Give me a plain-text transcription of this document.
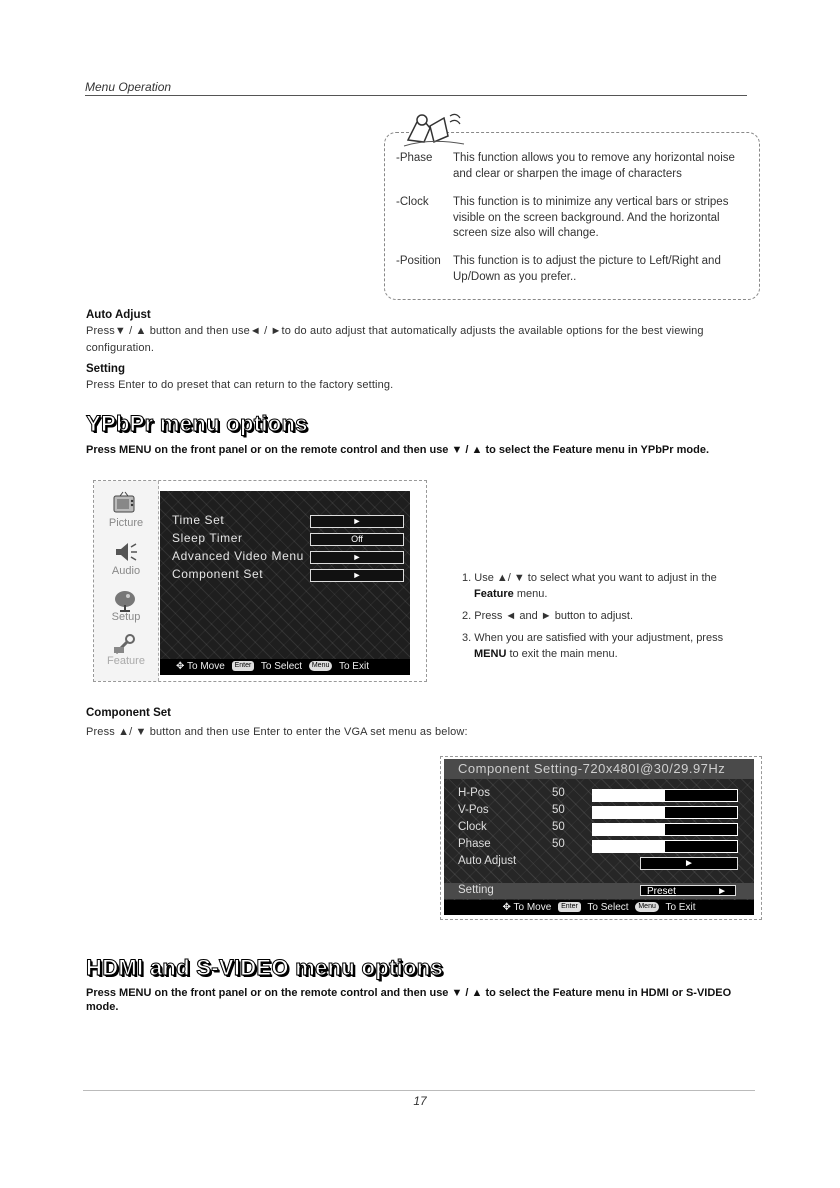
Menu Operation
-Phase	This function allows you to remove any horizontal noise and clear or sharpen the image of characters
-Clock	This function is to minimize any vertical bars or stripes visible on the screen background. And the horizontal screen size also will change.
-Position	This function is to adjust the picture to Left/Right and Up/Down as you prefer..
Auto Adjust
Press▼ / ▲ button and then use◄ / ►to do auto adjust that automatically adjusts the available options for the best viewing configuration.
Setting
Press Enter to do preset that can return to the factory setting.
YPbPr menu options
Press MENU on the front panel or on the remote control and then use ▼ / ▲ to select the Feature menu in YPbPr mode.
Picture
Audio
Setup
Feature
Time Set	►
Sleep Timer	Off
Advanced Video Menu	►
Component Set	►
✥ To Move Enter To Select Menu To Exit
1. Use ▲/ ▼ to select what you want to adjust in the
Feature menu.
2. Press ◄ and ► button to adjust.
3. When you are satisfied with your adjustment, press
MENU to exit the main menu.
Component Set
Press ▲/ ▼ button and then use Enter to enter the VGA set menu as below:
Component Setting-720x480I@30/29.97Hz
H-Pos	50
V-Pos	50
Clock	50
Phase	50
Auto Adjust	►
Setting	Preset	►
✥ To Move Enter To Select Menu To Exit
HDMI and S-VIDEO menu options
Press MENU on the front panel or on the remote control and then use ▼ / ▲ to select the Feature menu in HDMI or S-VIDEO mode.
17
